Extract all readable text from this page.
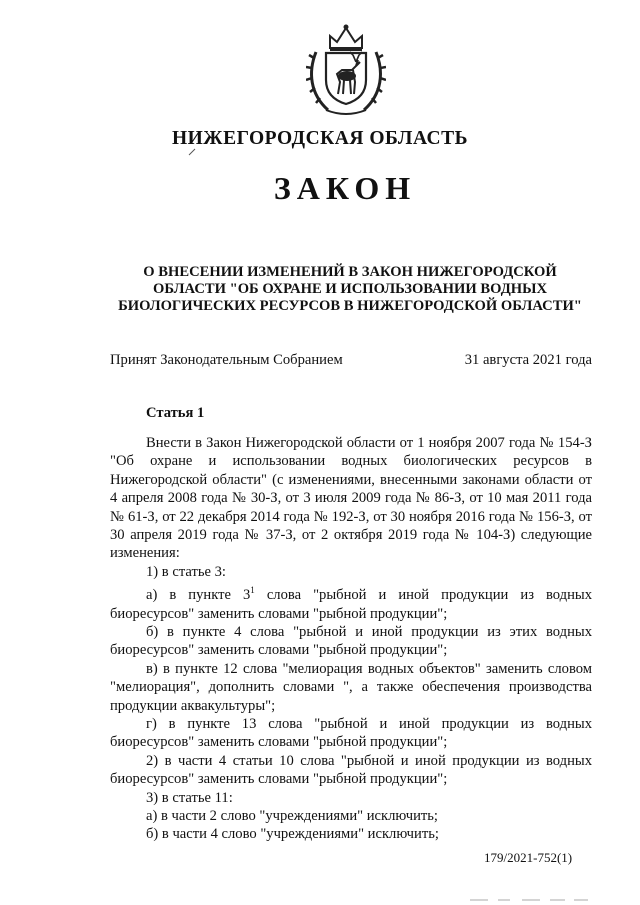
НИЖЕГОРОДСКАЯ ОБЛАСТЬ
ЗАКОН
О ВНЕСЕНИИ ИЗМЕНЕНИЙ В ЗАКОН НИЖЕГОРОДСКОЙ
ОБЛАСТИ "ОБ ОХРАНЕ И ИСПОЛЬЗОВАНИИ ВОДНЫХ
БИОЛОГИЧЕСКИХ РЕСУРСОВ В НИЖЕГОРОДСКОЙ ОБЛАСТИ"
Принят Законодательным Собранием	31 августа 2021 года
Статья 1

Внести в Закон Нижегородской области от 1 ноября 2007 года № 154-З "Об охране и использовании водных биологических ресурсов в Нижегородской области" (с изменениями, внесенными законами области от 4 апреля 2008 года № 30-З, от 3 июля 2009 года № 86-З, от 10 мая 2011 года № 61-З, от 22 декабря 2014 года № 192-З, от 30 ноября 2016 года № 156-З, от 30 апреля 2019 года № 37-З, от 2 октября 2019 года № 104-З) следующие изменения:

1) в статье 3:

а) в пункте $3^1$ слова "рыбной и иной продукции из водных биоресурсов" заменить словами "рыбной продукции";

б) в пункте 4 слова "рыбной и иной продукции из этих водных биоресурсов" заменить словами "рыбной продукции";

в) в пункте 12 слова "мелиорация водных объектов" заменить словом "мелиорация", дополнить словами ", а также обеспечения производства продукции аквакультуры";

г) в пункте 13 слова "рыбной и иной продукции из водных биоресурсов" заменить словами "рыбной продукции";

2) в части 4 статьи 10 слова "рыбной и иной продукции из водных биоресурсов" заменить словами "рыбной продукции";

3) в статье 11:

а) в части 2 слово "учреждениями" исключить;

б) в части 4 слово "учреждениями" исключить;

179/2021-752(1)
